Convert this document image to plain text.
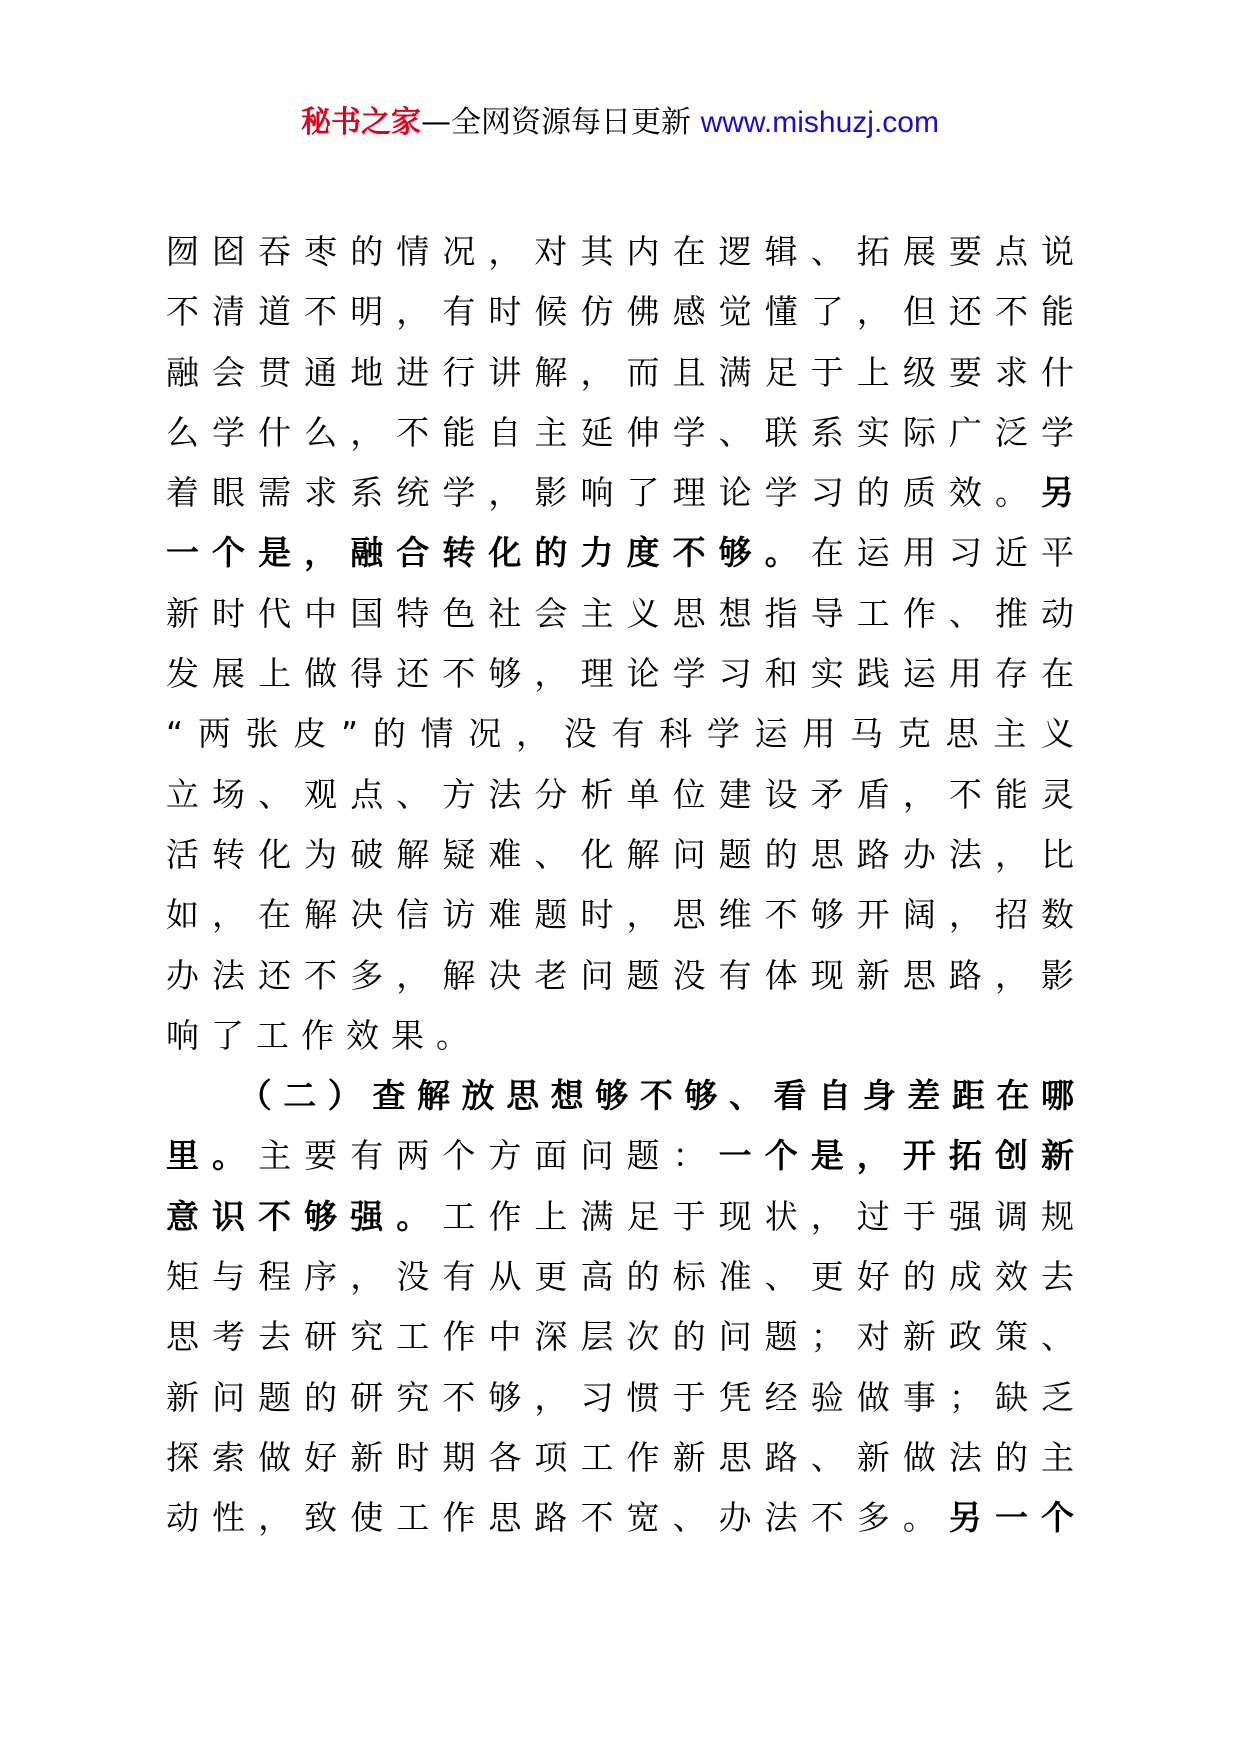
秘书之家—全网资源每日更新 www.mishuzj.com
囫囵吞枣的情况，对其内在逻辑、拓展要点说
不清道不明，有时候仿佛感觉懂了，但还不能
融会贯通地进行讲解，而且满足于上级要求什
么学什么，不能自主延伸学、联系实际广泛学
着眼需求系统学，影响了理论学习的质效。另
一个是，融合转化的力度不够。在运用习近平
新时代中国特色社会主义思想指导工作、推动
发展上做得还不够，理论学习和实践运用存在
“两张皮”的情况，没有科学运用马克思主义
立场、观点、方法分析单位建设矛盾，不能灵
活转化为破解疑难、化解问题的思路办法，比
如，在解决信访难题时，思维不够开阔，招数
办法还不多，解决老问题没有体现新思路，影
响了工作效果。
　　（二）查解放思想够不够、看自身差距在哪
里。主要有两个方面问题：一个是，开拓创新
意识不够强。工作上满足于现状，过于强调规
矩与程序，没有从更高的标准、更好的成效去
思考去研究工作中深层次的问题；对新政策、
新问题的研究不够，习惯于凭经验做事；缺乏
探索做好新时期各项工作新思路、新做法的主
动性，致使工作思路不宽、办法不多。另一个
